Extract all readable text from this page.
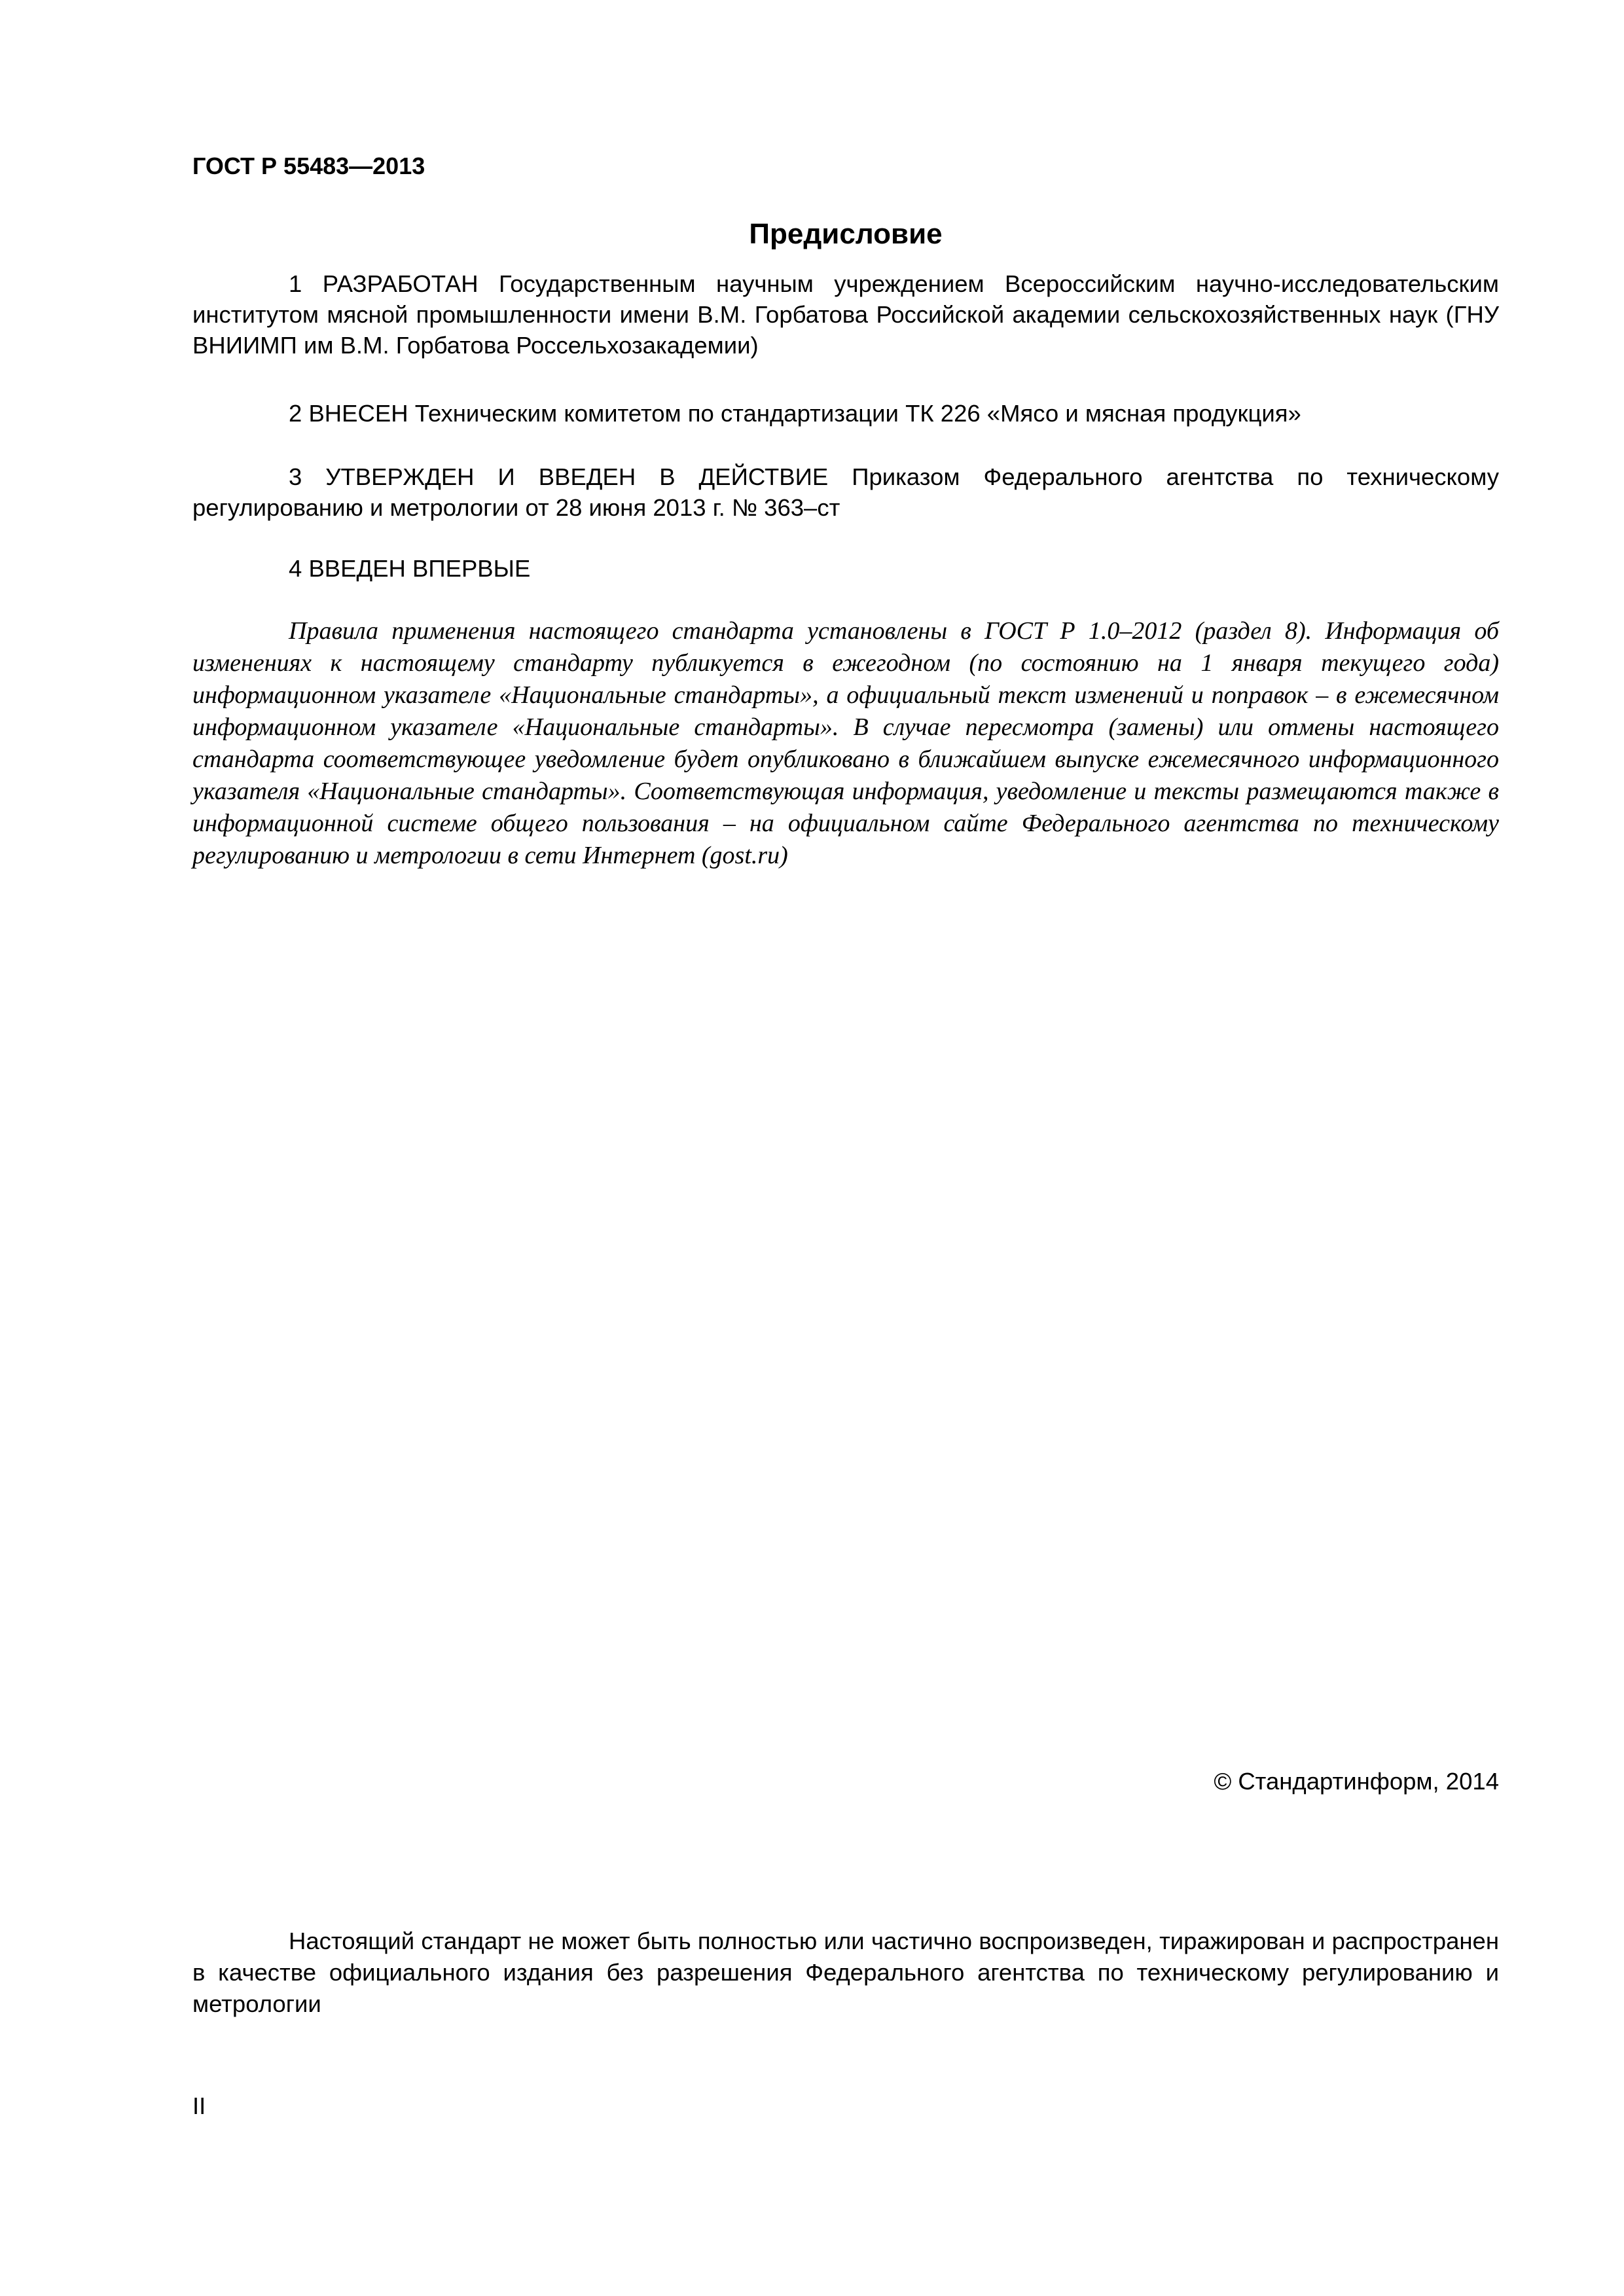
ГОСТ Р 55483—2013
Предисловие

1 РАЗРАБОТАН Государственным научным учреждением Всероссийским научно-исследовательским институтом мясной промышленности имени В.М. Горбатова Российской академии сельскохозяйственных наук (ГНУ ВНИИМП им В.М. Горбатова Россельхозакадемии)

2 ВНЕСЕН Техническим комитетом по стандартизации ТК 226 «Мясо и мясная продукция»

3 УТВЕРЖДЕН И ВВЕДЕН В ДЕЙСТВИЕ Приказом Федерального агентства по техническому регулированию и метрологии от 28 июня 2013 г. № 363–ст

4 ВВЕДЕН ВПЕРВЫЕ

Правила применения настоящего стандарта установлены в ГОСТ Р 1.0–2012 (раздел 8). Информация об изменениях к настоящему стандарту публикуется в ежегодном (по состоянию на 1 января текущего года) информационном указателе «Национальные стандарты», а официальный текст изменений и поправок – в ежемесячном информационном указателе «Национальные стандарты». В случае пересмотра (замены) или отмены настоящего стандарта соответствующее уведомление будет опубликовано в ближайшем выпуске ежемесячного информационного указателя «Национальные стандарты». Соответствующая информация, уведомление и тексты размещаются также в информационной системе общего пользования – на официальном сайте Федерального агентства по техническому регулированию и метрологии в сети Интернет (gost.ru)

© Стандартинформ, 2014

Настоящий стандарт не может быть полностью или частично воспроизведен, тиражирован и распространен в качестве официального издания без разрешения Федерального агентства по техническому регулированию и метрологии

II
